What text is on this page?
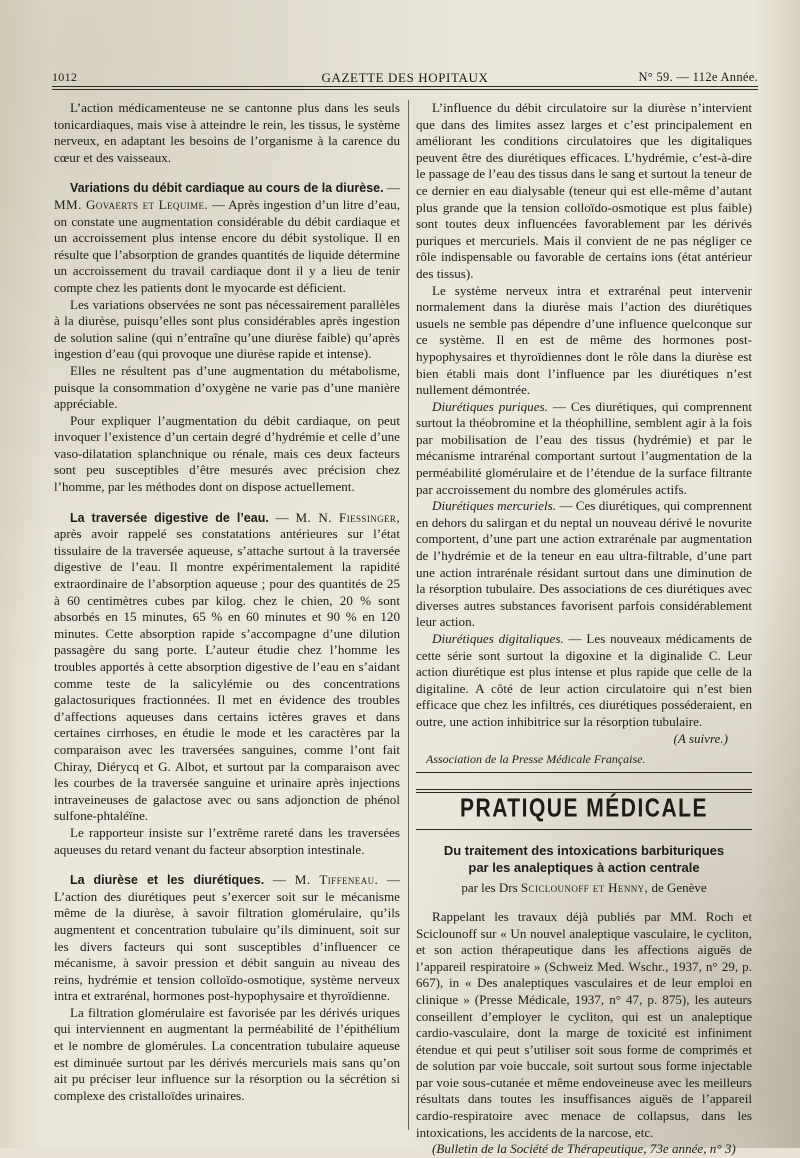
1012	GAZETTE DES HOPITAUX	N° 59. — 112e Année.

L’action médicamenteuse ne se cantonne plus dans les seuls tonicardiaques, mais vise à atteindre le rein, les tissus, le système nerveux, en adaptant les besoins de l’organisme à la carence du cœur et des vaisseaux.

Variations du débit cardiaque au cours de la diurèse. — MM. Govaerts et Lequime. — Après ingestion d’un litre d’eau, on constate une augmentation considérable du débit cardiaque et un accroissement plus intense encore du débit systolique. Il en résulte que l’absorption de grandes quantités de liquide détermine un accroissement du travail cardiaque dont il y a lieu de tenir compte chez les patients dont le myocarde est déficient.

Les variations observées ne sont pas nécessairement parallèles à la diurèse, puisqu’elles sont plus considérables après ingestion de solution saline (qui n’entraîne qu’une diurèse faible) qu’après ingestion d’eau (qui provoque une diurèse rapide et intense).

Elles ne résultent pas d’une augmentation du métabolisme, puisque la consommation d’oxygène ne varie pas d’une manière appréciable.

Pour expliquer l’augmentation du débit cardiaque, on peut invoquer l’existence d’un certain degré d’hydrémie et celle d’une vaso-dilatation splanchnique ou rénale, mais ces deux facteurs sont peu susceptibles d’être mesurés avec précision chez l’homme, par les méthodes dont on dispose actuellement.

La traversée digestive de l’eau. — M. N. Fiessinger, après avoir rappelé ses constatations antérieures sur l’état tissulaire de la traversée aqueuse, s’attache surtout à la traversée digestive de l’eau. Il montre expérimentalement la rapidité extraordinaire de l’absorption aqueuse ; pour des quantités de 25 à 60 centimètres cubes par kilog. chez le chien, 20 % sont absorbés en 15 minutes, 65 % en 60 minutes et 90 % en 120 minutes. Cette absorption rapide s’accompagne d’une dilution passagère du sang porte. L’auteur étudie chez l’homme les troubles apportés à cette absorption digestive de l’eau en s’aidant comme teste de la salicylémie ou des concentrations galactosuriques fractionnées. Il met en évidence des troubles d’affections aqueuses dans certains ictères graves et dans certaines cirrhoses, en étudie le mode et les caractères par la comparaison avec les traversées sanguines, comme l’ont fait Chiray, Diérycq et G. Albot, et surtout par la comparaison avec les courbes de la traversée sanguine et urinaire après injections intraveineuses de galactose avec ou sans adjonction de phénol sulfone-phtaléïne.

Le rapporteur insiste sur l’extrême rareté dans les traversées aqueuses du retard venant du facteur absorption intestinale.

La diurèse et les diurétiques. — M. Tiffeneau. — L’action des diurétiques peut s’exercer soit sur le mécanisme même de la diurèse, à savoir filtration glomérulaire, qu’ils augmentent et concentration tubulaire qu’ils diminuent, soit sur les divers facteurs qui sont susceptibles d’influencer ce mécanisme, à savoir pression et débit sanguin au niveau des reins, hydrémie et tension colloïdo-osmotique, système nerveux intra et extrarénal, hormones post-hypophysaire et thyroïdienne.

La filtration glomérulaire est favorisée par les dérivés uriques qui interviennent en augmentant la perméabilité de l’épithélium et le nombre de glomérules. La concentration tubulaire aqueuse est diminuée surtout par les dérivés mercuriels mais sans qu’on ait pu préciser leur influence sur la résorption ou la sécrétion si complexe des cristalloïdes urinaires.

L’influence du débit circulatoire sur la diurèse n’intervient que dans des limites assez larges et c’est principalement en améliorant les conditions circulatoires que les digitaliques peuvent être des diurétiques efficaces. L’hydrémie, c’est-à-dire le passage de l’eau des tissus dans le sang et surtout la teneur de ce dernier en eau dialysable (teneur qui est elle-même d’autant plus grande que la tension colloïdo-osmotique est plus faible) sont toutes deux influencées favorablement par les dérivés puriques et mercuriels. Mais il convient de ne pas négliger ce rôle indispensable ou favorable de certains ions (état antérieur des tissus).

Le système nerveux intra et extrarénal peut intervenir normalement dans la diurèse mais l’action des diurétiques usuels ne semble pas dépendre d’une influence quelconque sur ce système. Il en est de même des hormones post-hypophysaires et thyroïdiennes dont le rôle dans la diurèse est bien établi mais dont l’influence par les diurétiques n’est nullement démontrée.

Diurétiques puriques. — Ces diurétiques, qui comprennent surtout la théobromine et la théophilline, semblent agir à la fois par mobilisation de l’eau des tissus (hydrémie) et par le mécanisme intrarénal comportant surtout l’augmentation de la perméabilité glomérulaire et de l’étendue de la surface filtrante par accroissement du nombre des glomérules actifs.

Diurétiques mercuriels. — Ces diurétiques, qui comprennent en dehors du salirgan et du neptal un nouveau dérivé le novurite comportent, d’une part une action extrarénale par augmentation de l’hydrémie et de la teneur en eau ultra-filtrable, d’une part une action intrarénale résidant surtout dans une diminution de la résorption tubulaire. Des associations de ces diurétiques avec diverses autres substances favorisent parfois considérablement leur action.

Diurétiques digitaliques. — Les nouveaux médicaments de cette série sont surtout la digoxine et la diginalide C. Leur action diurétique est plus intense et plus rapide que celle de la digitaline. A côté de leur action circulatoire qui n’est bien efficace que chez les infiltrés, ces diurétiques posséderaient, en outre, une action inhibitrice sur la résorption tubulaire.

(A suivre.)

Association de la Presse Médicale Française.

PRATIQUE MÉDICALE
Du traitement des intoxications barbituriques
par les analeptiques à action centrale
par les Drs Sciclounoff et Henny, de Genève

Rappelant les travaux déjà publiés par MM. Roch et Sciclounoff sur « Un nouvel analeptique vasculaire, le cycliton, et son action thérapeutique dans les affections aiguës de l’appareil respiratoire » (Schweiz Med. Wschr., 1937, n° 29, p. 667), in « Des analeptiques vasculaires et de leur emploi en clinique » (Presse Médicale, 1937, n° 47, p. 875), les auteurs conseillent d’employer le cycliton, qui est un analeptique cardio-vasculaire, dont la marge de toxicité est infiniment étendue et qui peut s’utiliser soit sous forme de comprimés et de solution par voie buccale, soit surtout sous forme injectable par voie sous-cutanée et même endoveineuse avec les meilleurs résultats dans toutes les insuffisances aiguës de l’appareil cardio-respiratoire avec menace de collapsus, dans les intoxications, les accidents de la narcose, etc.

(Bulletin de la Société de Thérapeutique, 73e année, n° 3)
